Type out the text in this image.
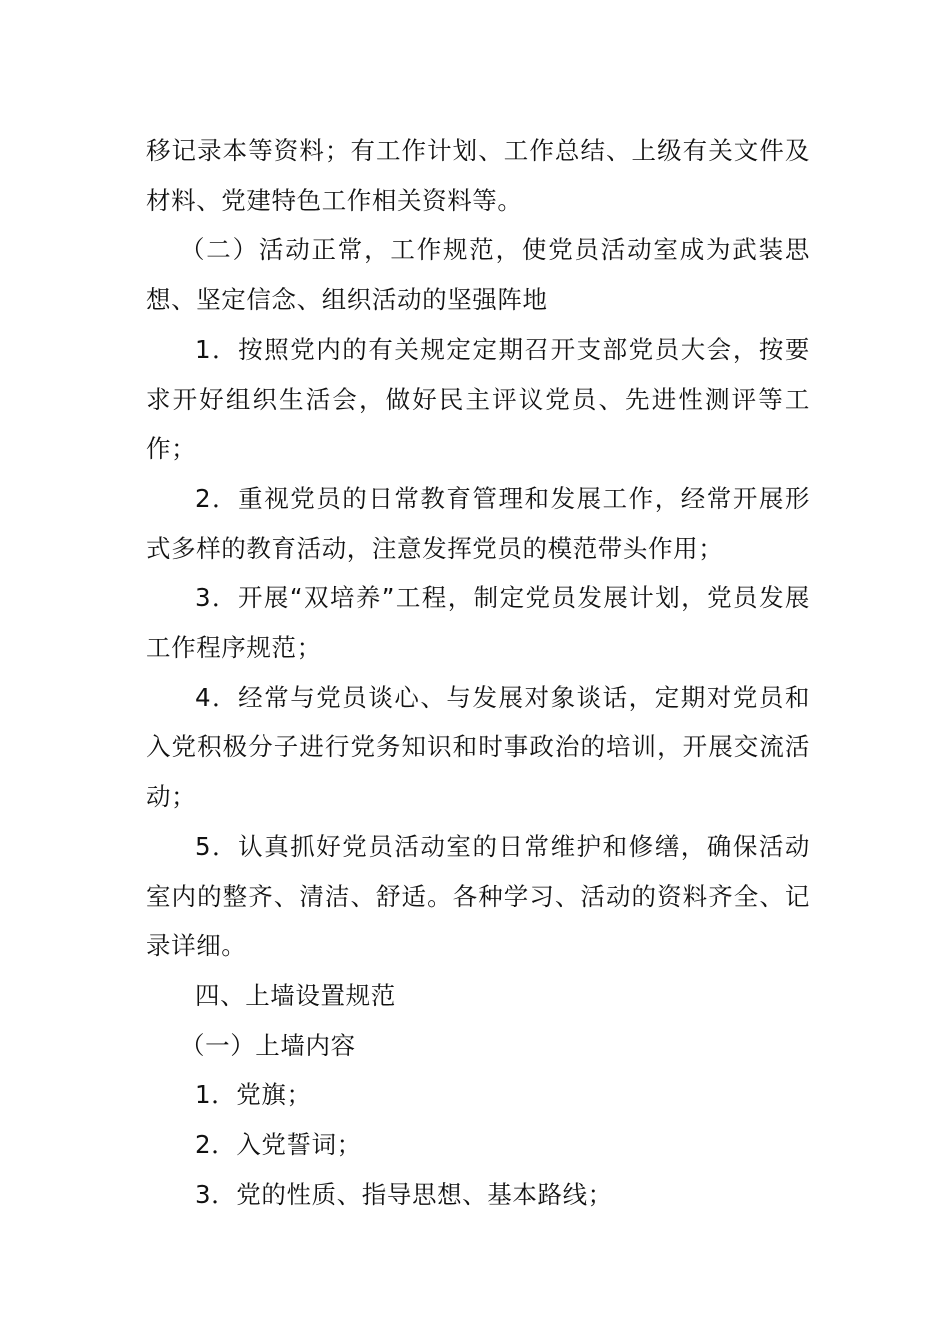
移记录本等资料；有工作计划、工作总结、上级有关文件及材料、党建特色工作相关资料等。

（二）活动正常，工作规范，使党员活动室成为武装思想、坚定信念、组织活动的坚强阵地

1．按照党内的有关规定定期召开支部党员大会，按要求开好组织生活会，做好民主评议党员、先进性测评等工作；

2．重视党员的日常教育管理和发展工作，经常开展形式多样的教育活动，注意发挥党员的模范带头作用；

3．开展“双培养”工程，制定党员发展计划，党员发展工作程序规范；

4．经常与党员谈心、与发展对象谈话，定期对党员和入党积极分子进行党务知识和时事政治的培训，开展交流活动；

5．认真抓好党员活动室的日常维护和修缮，确保活动室内的整齐、清洁、舒适。各种学习、活动的资料齐全、记录详细。

四、上墙设置规范

（一）上墙内容

1．党旗；

2．入党誓词；

3．党的性质、指导思想、基本路线；
